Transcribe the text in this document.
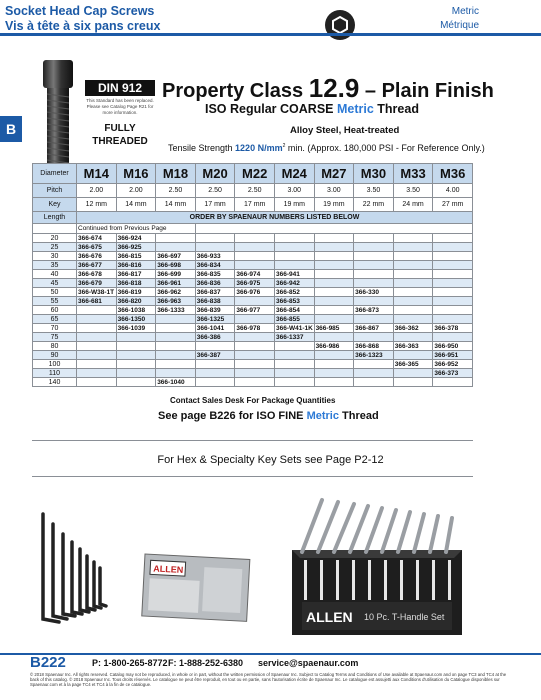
Socket Head Cap Screws
Vis à tête à six pans creux
Metric
Métrique
B
DIN 912
This Standard has been replaced. Please see Catalog Page R21 for more information.
FULLY THREADED
Property Class 12.9 – Plain Finish
ISO Regular COARSE Metric Thread
Alloy Steel, Heat-treated
Tensile Strength 1220 $N/mm^2$ min. (Approx. 180,000 PSI - For Reference Only.)
Diameter	M14	M16	M18	M20	M22	M24	M27	M30	M33	M36
Pitch	2.00	2.00	2.50	2.50	2.50	3.00	3.00	3.50	3.50	4.00
Key	12 mm	14 mm	14 mm	17 mm	17 mm	19 mm	19 mm	22 mm	24 mm	27 mm
Length	ORDER BY SPAENAUR NUMBERS LISTED BELOW									
	Continued from Previous Page									
20	366-674	366-924								
25	366-675	366-925								
30	366-676	366-815	366-697	366-933						
35	366-677	366-816	366-698	366-834						
40	366-678	366-817	366-699	366-835	366-974	366-941				
45	366-679	366-818	366-961	366-836	366-975	366-942				
50	366-W38-1T	366-819	366-962	366-837	366-976	366-852		366-330		
55	366-681	366-820	366-963	366-838		366-853				
60		366-1038	366-1333	366-839	366-977	366-854		366-873		
65		366-1350		366-1325		366-855				
70		366-1039		366-1041	366-978	366-W41-1K	366-985	366-867	366-362	366-378
75				366-386		366-1337				
80							366-986	366-868	366-363	366-950
90				366-387				366-1323		366-951
100									366-365	366-952
110										366-373
140			366-1040							
Contact Sales Desk For Package Quantities
See page B226 for ISO FINE Metric Thread
For Hex & Specialty Key Sets see Page P2-12
ALLEN
ALLEN 10 Pc. T-Handle Set
B222	P: 1-800-265-8772 F: 1-888-252-6380 service@spaenaur.com
© 2018 Spaenaur Inc. All rights reserved. Catalog may not be reproduced, in whole or in part, without the written permission of Spaenaur Inc. Subject to Catalog Terms and Conditions of Use available at Spaenaur.com and on page TC3 and TC4 at the back of this catalog. © 2018 Spaenaur Inc. Tous droits réservés. Le catalogue ne peut être reproduit, en tout ou en partie, sans l'autorisation écrite de Spaenaur Inc. Le catalogue est assujetti aux Conditions d'utilisation du Catalogue disponibles sur Spaenaur.com et à la page TC4 et TC4 à la fin de ce catalogue.
